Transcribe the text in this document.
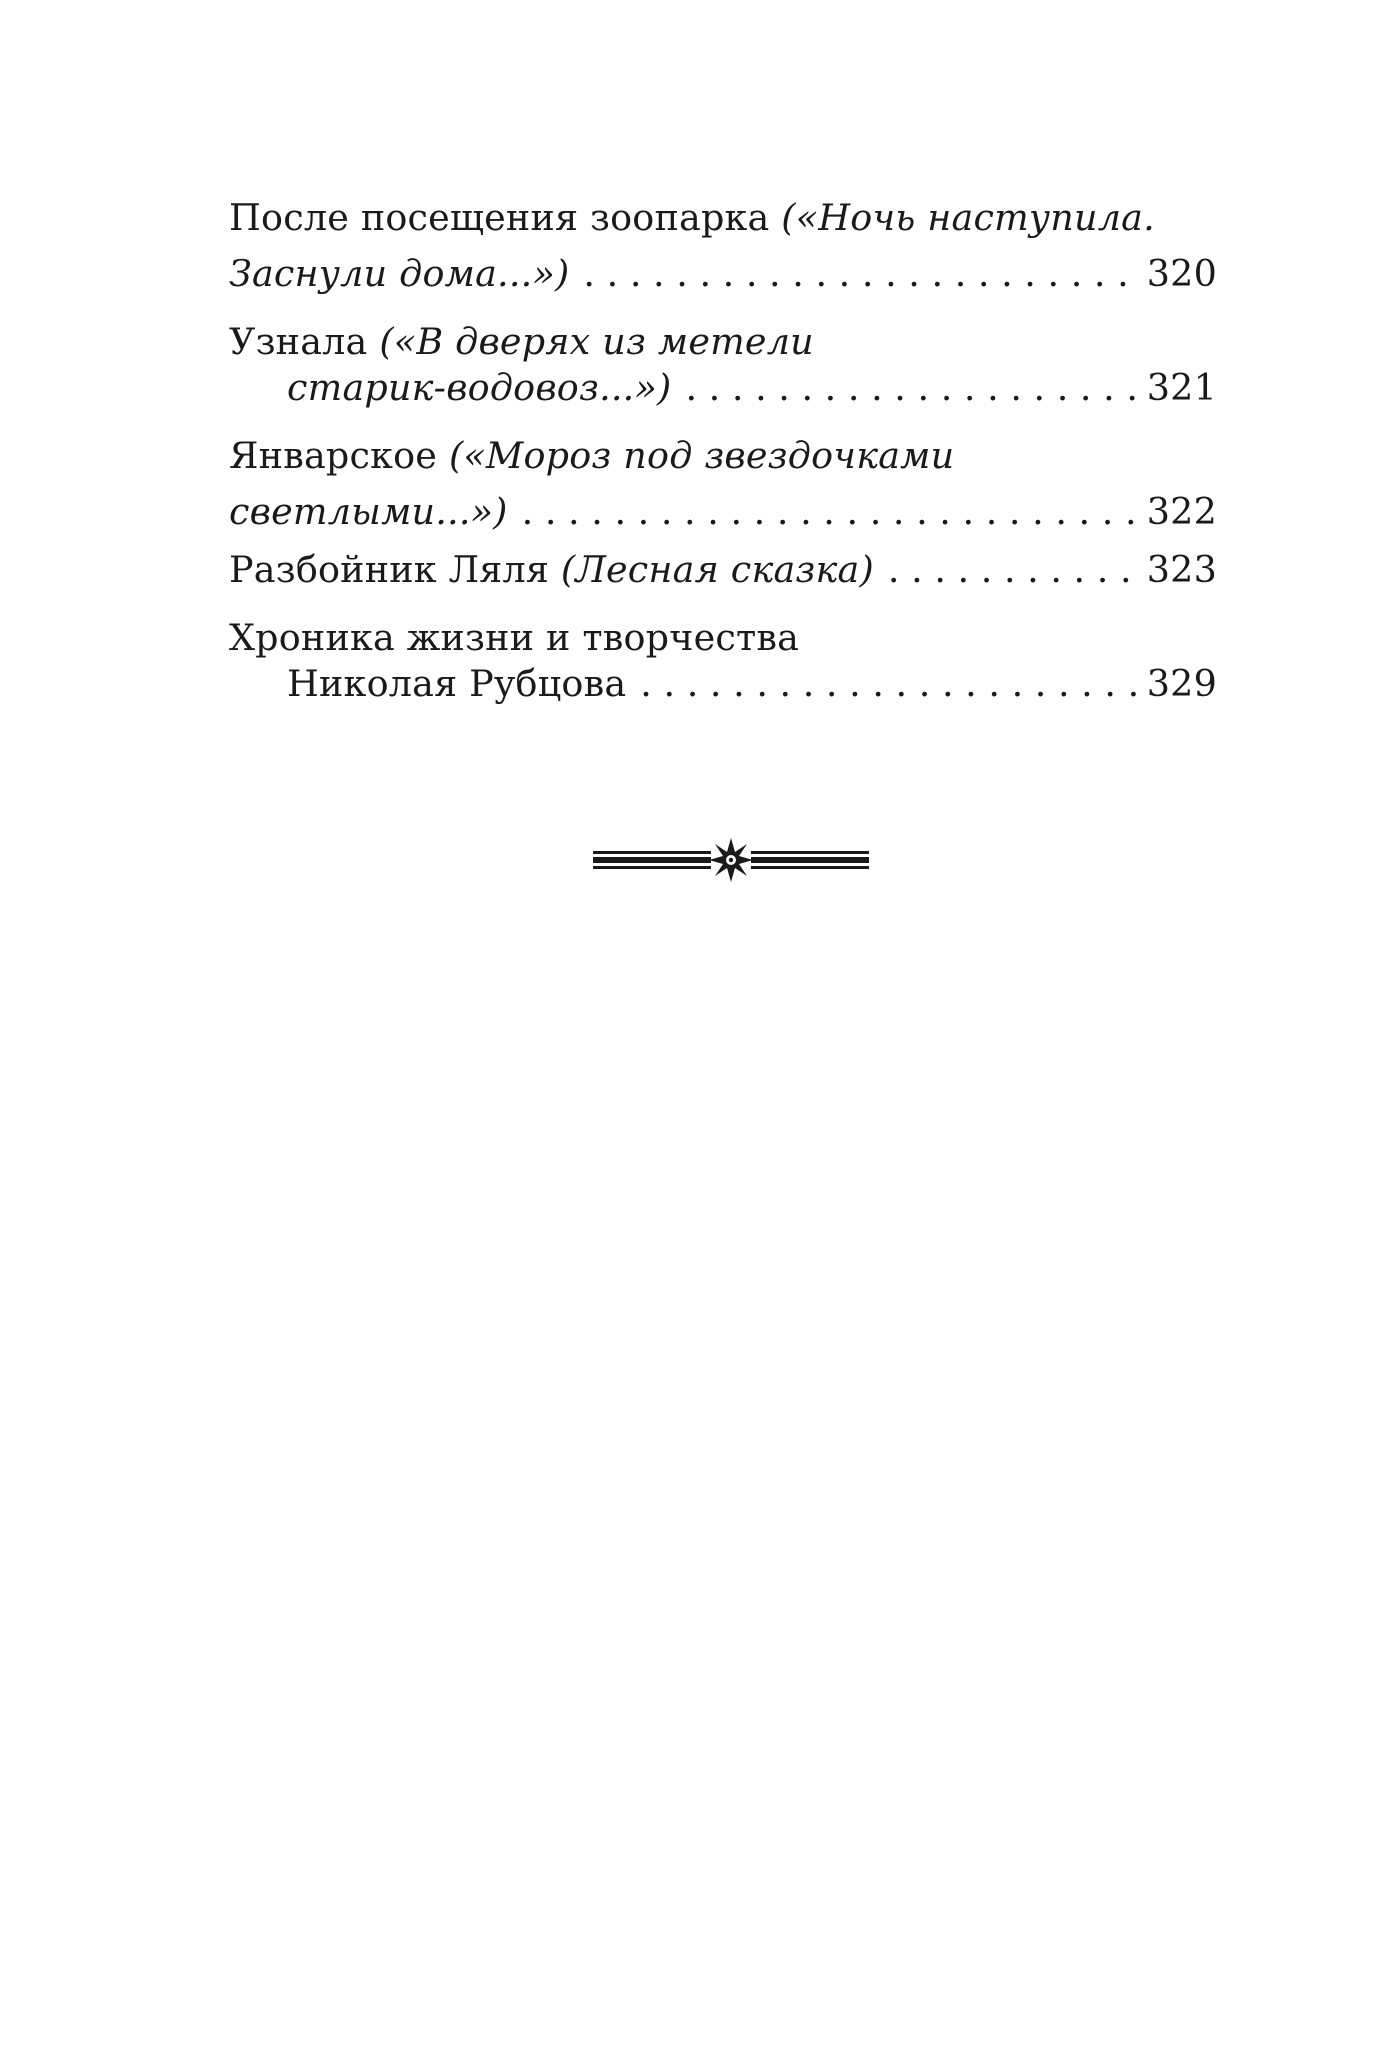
После посещения зоопарка
(«Ночь наступила.
Заснули дома...») . . .	320
Узнала
(«В дверях из метели
старик-водовоз...») . . .	321
Январское
(«Мороз под звездочками
светлыми...») . . .	322
Разбойник Ляля
(Лесная сказка) . . .	323
Хроника жизни и творчества
Николая Рубцова . . .	329
